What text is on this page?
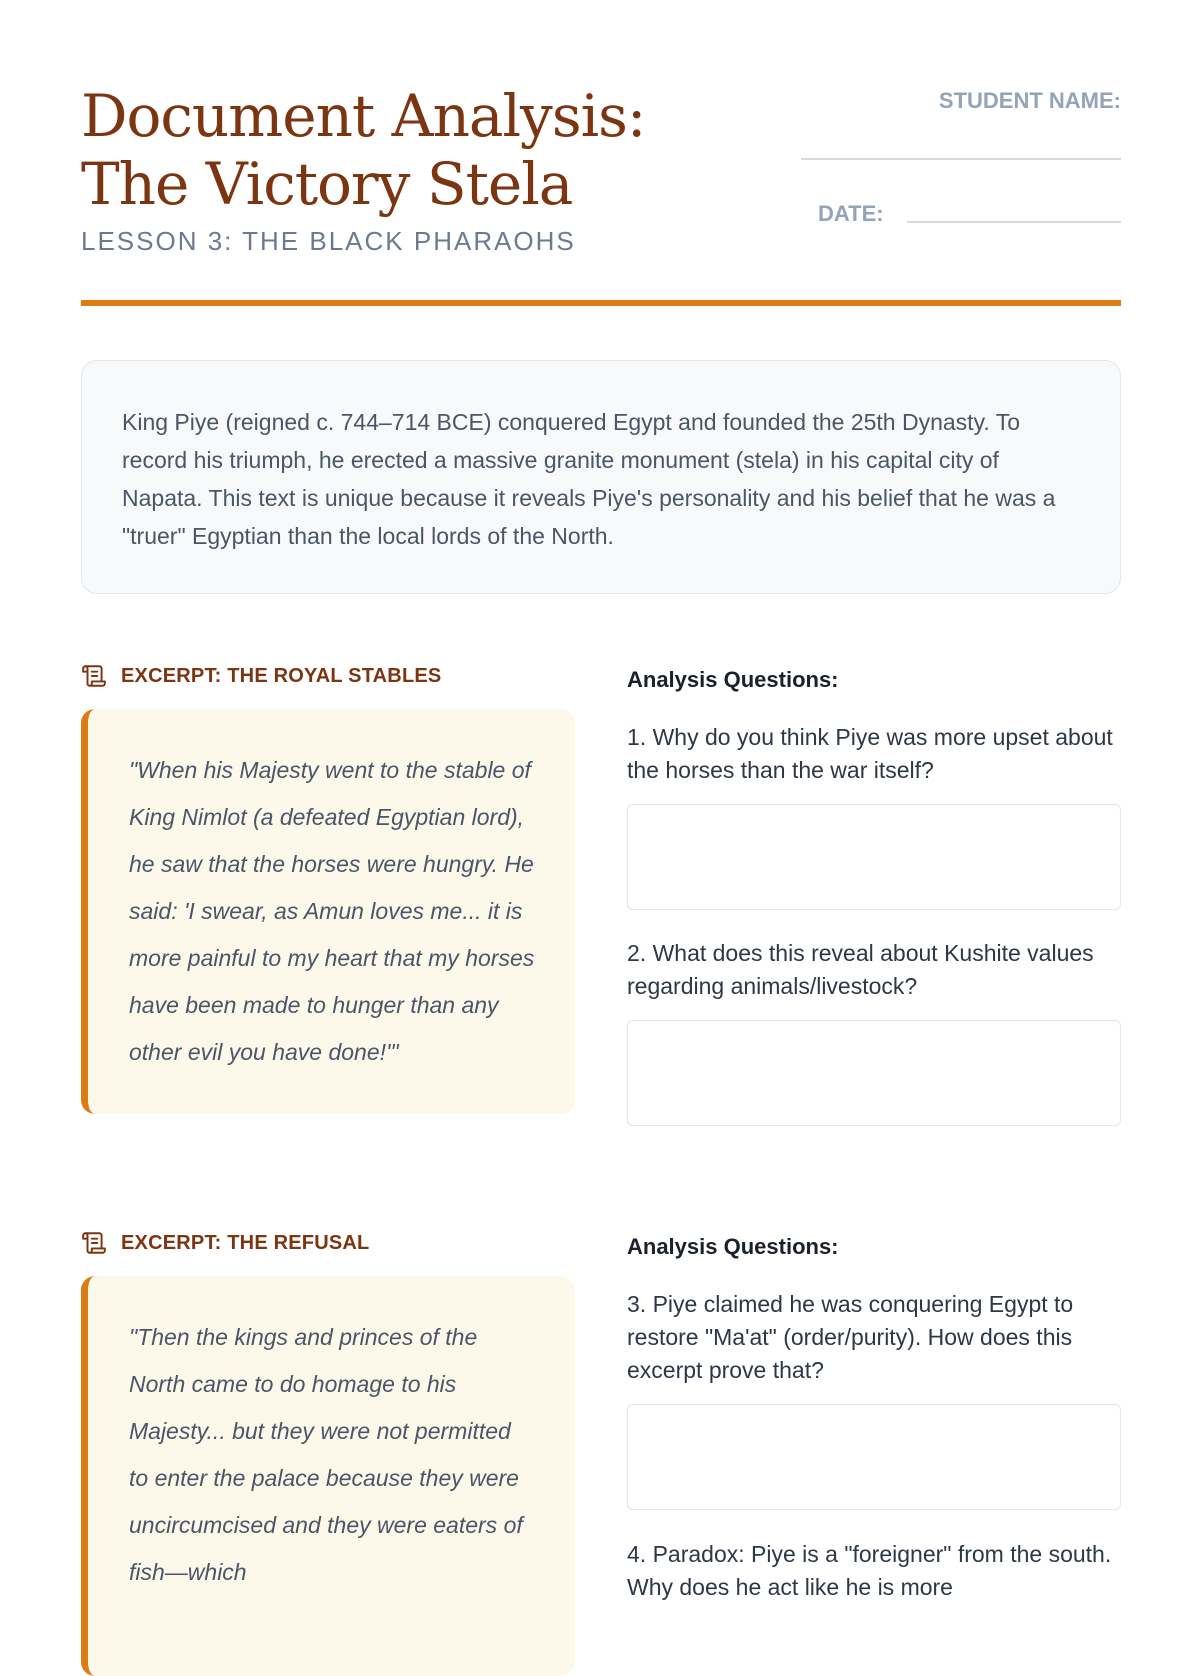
Document Analysis: The Victory Stela
LESSON 3: THE BLACK PHARAOHS
STUDENT NAME:
DATE:
King Piye (reigned c. 744–714 BCE) conquered Egypt and founded the 25th Dynasty. To record his triumph, he erected a massive granite monument (stela) in his capital city of Napata. This text is unique because it reveals Piye's personality and his belief that he was a "truer" Egyptian than the local lords of the North.
EXCERPT: THE ROYAL STABLES
"When his Majesty went to the stable of King Nimlot (a defeated Egyptian lord), he saw that the horses were hungry. He said: 'I swear, as Amun loves me... it is more painful to my heart that my horses have been made to hunger than any other evil you have done!'"
Analysis Questions:
1. Why do you think Piye was more upset about the horses than the war itself?
2. What does this reveal about Kushite values regarding animals/livestock?
EXCERPT: THE REFUSAL
"Then the kings and princes of the North came to do homage to his Majesty... but they were not permitted to enter the palace because they were uncircumcised and they were eaters of fish—which
Analysis Questions:
3. Piye claimed he was conquering Egypt to restore "Ma'at" (order/purity). How does this excerpt prove that?
4. Paradox: Piye is a "foreigner" from the south. Why does he act like he is more
